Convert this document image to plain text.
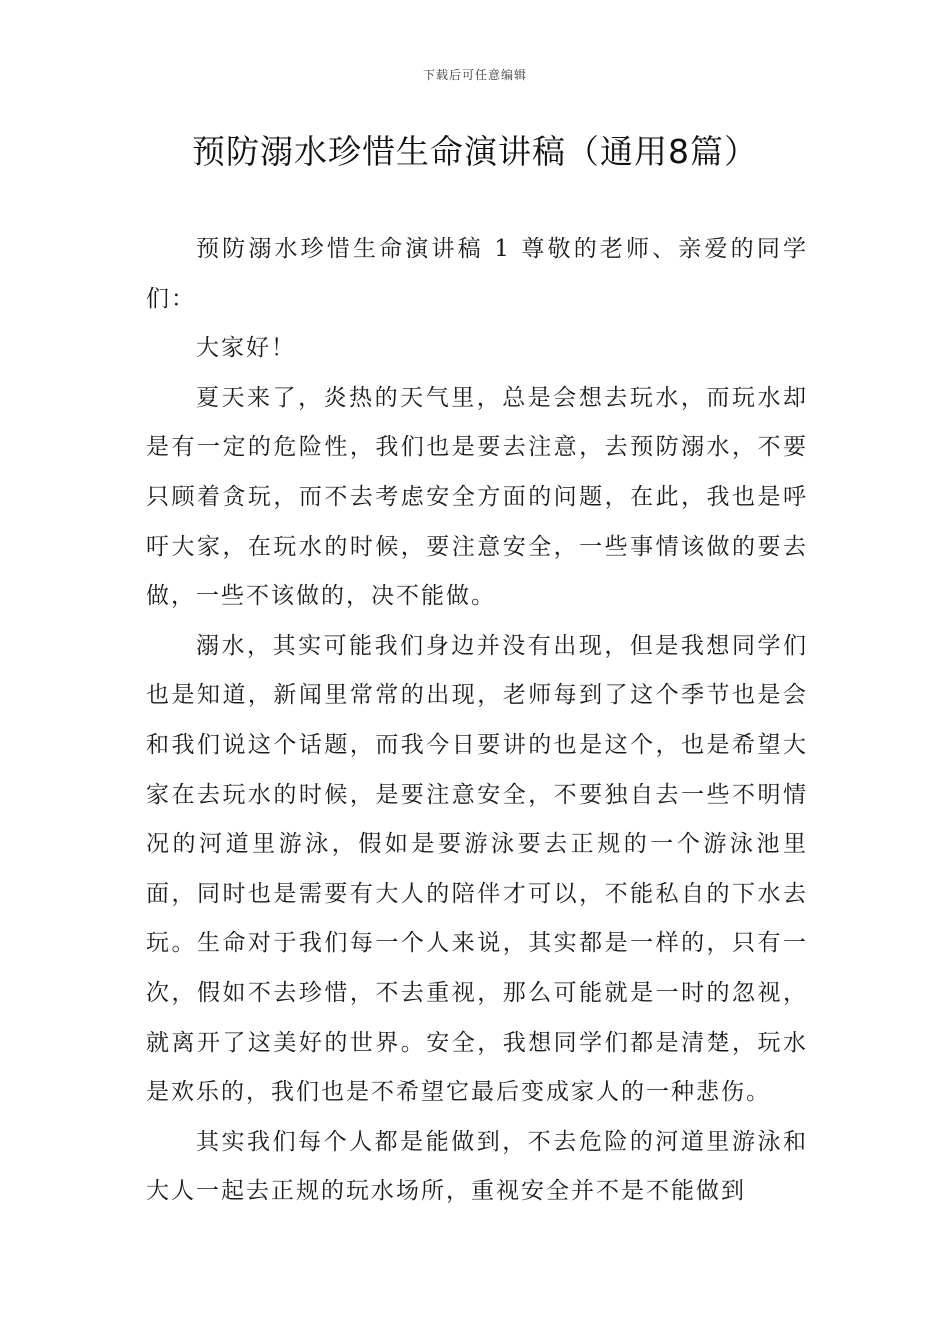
下载后可任意编辑
预防溺水珍惜生命演讲稿（通用8篇）

预防溺水珍惜生命演讲稿 1 尊敬的老师、亲爱的同学们：

大家好！

夏天来了，炎热的天气里，总是会想去玩水，而玩水却是有一定的危险性，我们也是要去注意，去预防溺水，不要只顾着贪玩，而不去考虑安全方面的问题，在此，我也是呼吁大家，在玩水的时候，要注意安全，一些事情该做的要去做，一些不该做的，决不能做。

溺水，其实可能我们身边并没有出现，但是我想同学们也是知道，新闻里常常的出现，老师每到了这个季节也是会和我们说这个话题，而我今日要讲的也是这个，也是希望大家在去玩水的时候，是要注意安全，不要独自去一些不明情况的河道里游泳，假如是要游泳要去正规的一个游泳池里面，同时也是需要有大人的陪伴才可以，不能私自的下水去玩。生命对于我们每一个人来说，其实都是一样的，只有一次，假如不去珍惜，不去重视，那么可能就是一时的忽视，就离开了这美好的世界。安全，我想同学们都是清楚，玩水是欢乐的，我们也是不希望它最后变成家人的一种悲伤。

其实我们每个人都是能做到，不去危险的河道里游泳和大人一起去正规的玩水场所，重视安全并不是不能做到
